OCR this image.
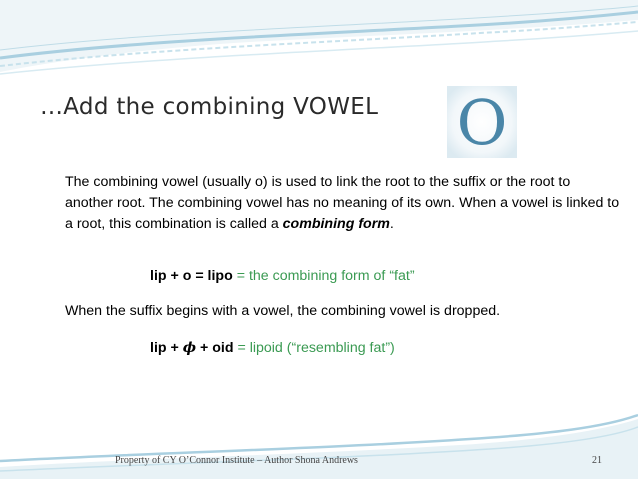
…Add the combining VOWEL O

The combining vowel (usually o) is used to link the root to the suffix or the root to another root. The combining vowel has no meaning of its own. When a vowel is linked to a root, this combination is called a combining form.

lip + o = lipo = the combining form of “fat”

When the suffix begins with a vowel, the combining vowel is dropped.

lip + ϕ + oid = lipoid (“resembling fat”)
Property of CY O’Connor Institute – Author Shona Andrews	21
